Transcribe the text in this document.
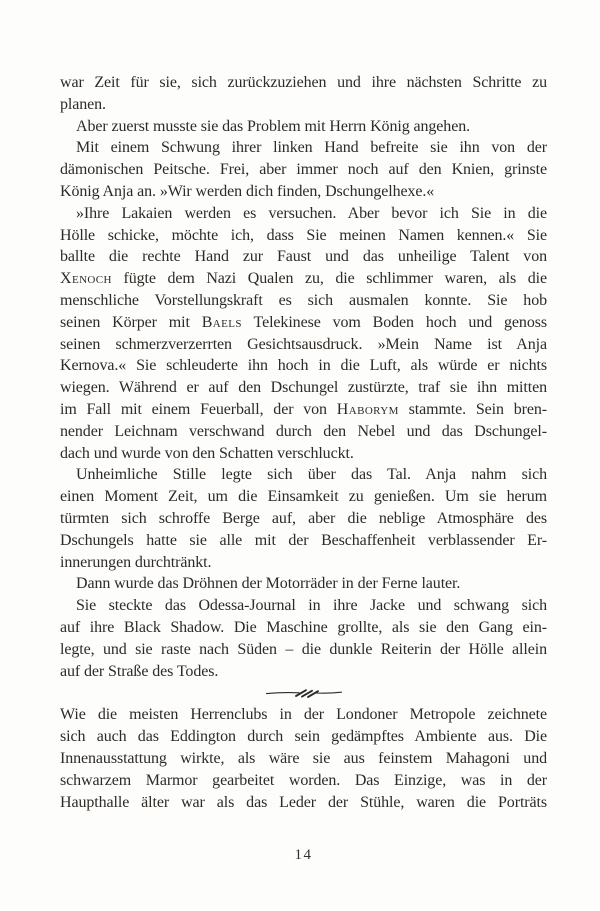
war Zeit für sie, sich zurückzuziehen und ihre nächsten Schritte zu
planen.
Aber zuerst musste sie das Problem mit Herrn König angehen.
Mit einem Schwung ihrer linken Hand befreite sie ihn von der
dämonischen Peitsche. Frei, aber immer noch auf den Knien, grinste
König Anja an. »Wir werden dich finden, Dschungelhexe.«
»Ihre Lakaien werden es versuchen. Aber bevor ich Sie in die
Hölle schicke, möchte ich, dass Sie meinen Namen kennen.« Sie
ballte die rechte Hand zur Faust und das unheilige Talent von
Xenoch fügte dem Nazi Qualen zu, die schlimmer waren, als die
menschliche Vorstellungskraft es sich ausmalen konnte. Sie hob
seinen Körper mit Baels Telekinese vom Boden hoch und genoss
seinen schmerzverzerrten Gesichtsausdruck. »Mein Name ist Anja
Kernova.« Sie schleuderte ihn hoch in die Luft, als würde er nichts
wiegen. Während er auf den Dschungel zustürzte, traf sie ihn mitten
im Fall mit einem Feuerball, der von Haborym stammte. Sein bren-
nender Leichnam verschwand durch den Nebel und das Dschungel-
dach und wurde von den Schatten verschluckt.
Unheimliche Stille legte sich über das Tal. Anja nahm sich
einen Moment Zeit, um die Einsamkeit zu genießen. Um sie herum
türmten sich schroffe Berge auf, aber die neblige Atmosphäre des
Dschungels hatte sie alle mit der Beschaffenheit verblassender Er-
innerungen durchtränkt.
Dann wurde das Dröhnen der Motorräder in der Ferne lauter.
Sie steckte das Odessa-Journal in ihre Jacke und schwang sich
auf ihre Black Shadow. Die Maschine grollte, als sie den Gang ein-
legte, und sie raste nach Süden – die dunkle Reiterin der Hölle allein
auf der Straße des Todes.
Wie die meisten Herrenclubs in der Londoner Metropole zeichnete
sich auch das Eddington durch sein gedämpftes Ambiente aus. Die
Innenausstattung wirkte, als wäre sie aus feinstem Mahagoni und
schwarzem Marmor gearbeitet worden. Das Einzige, was in der
Haupthalle älter war als das Leder der Stühle, waren die Porträts
14
